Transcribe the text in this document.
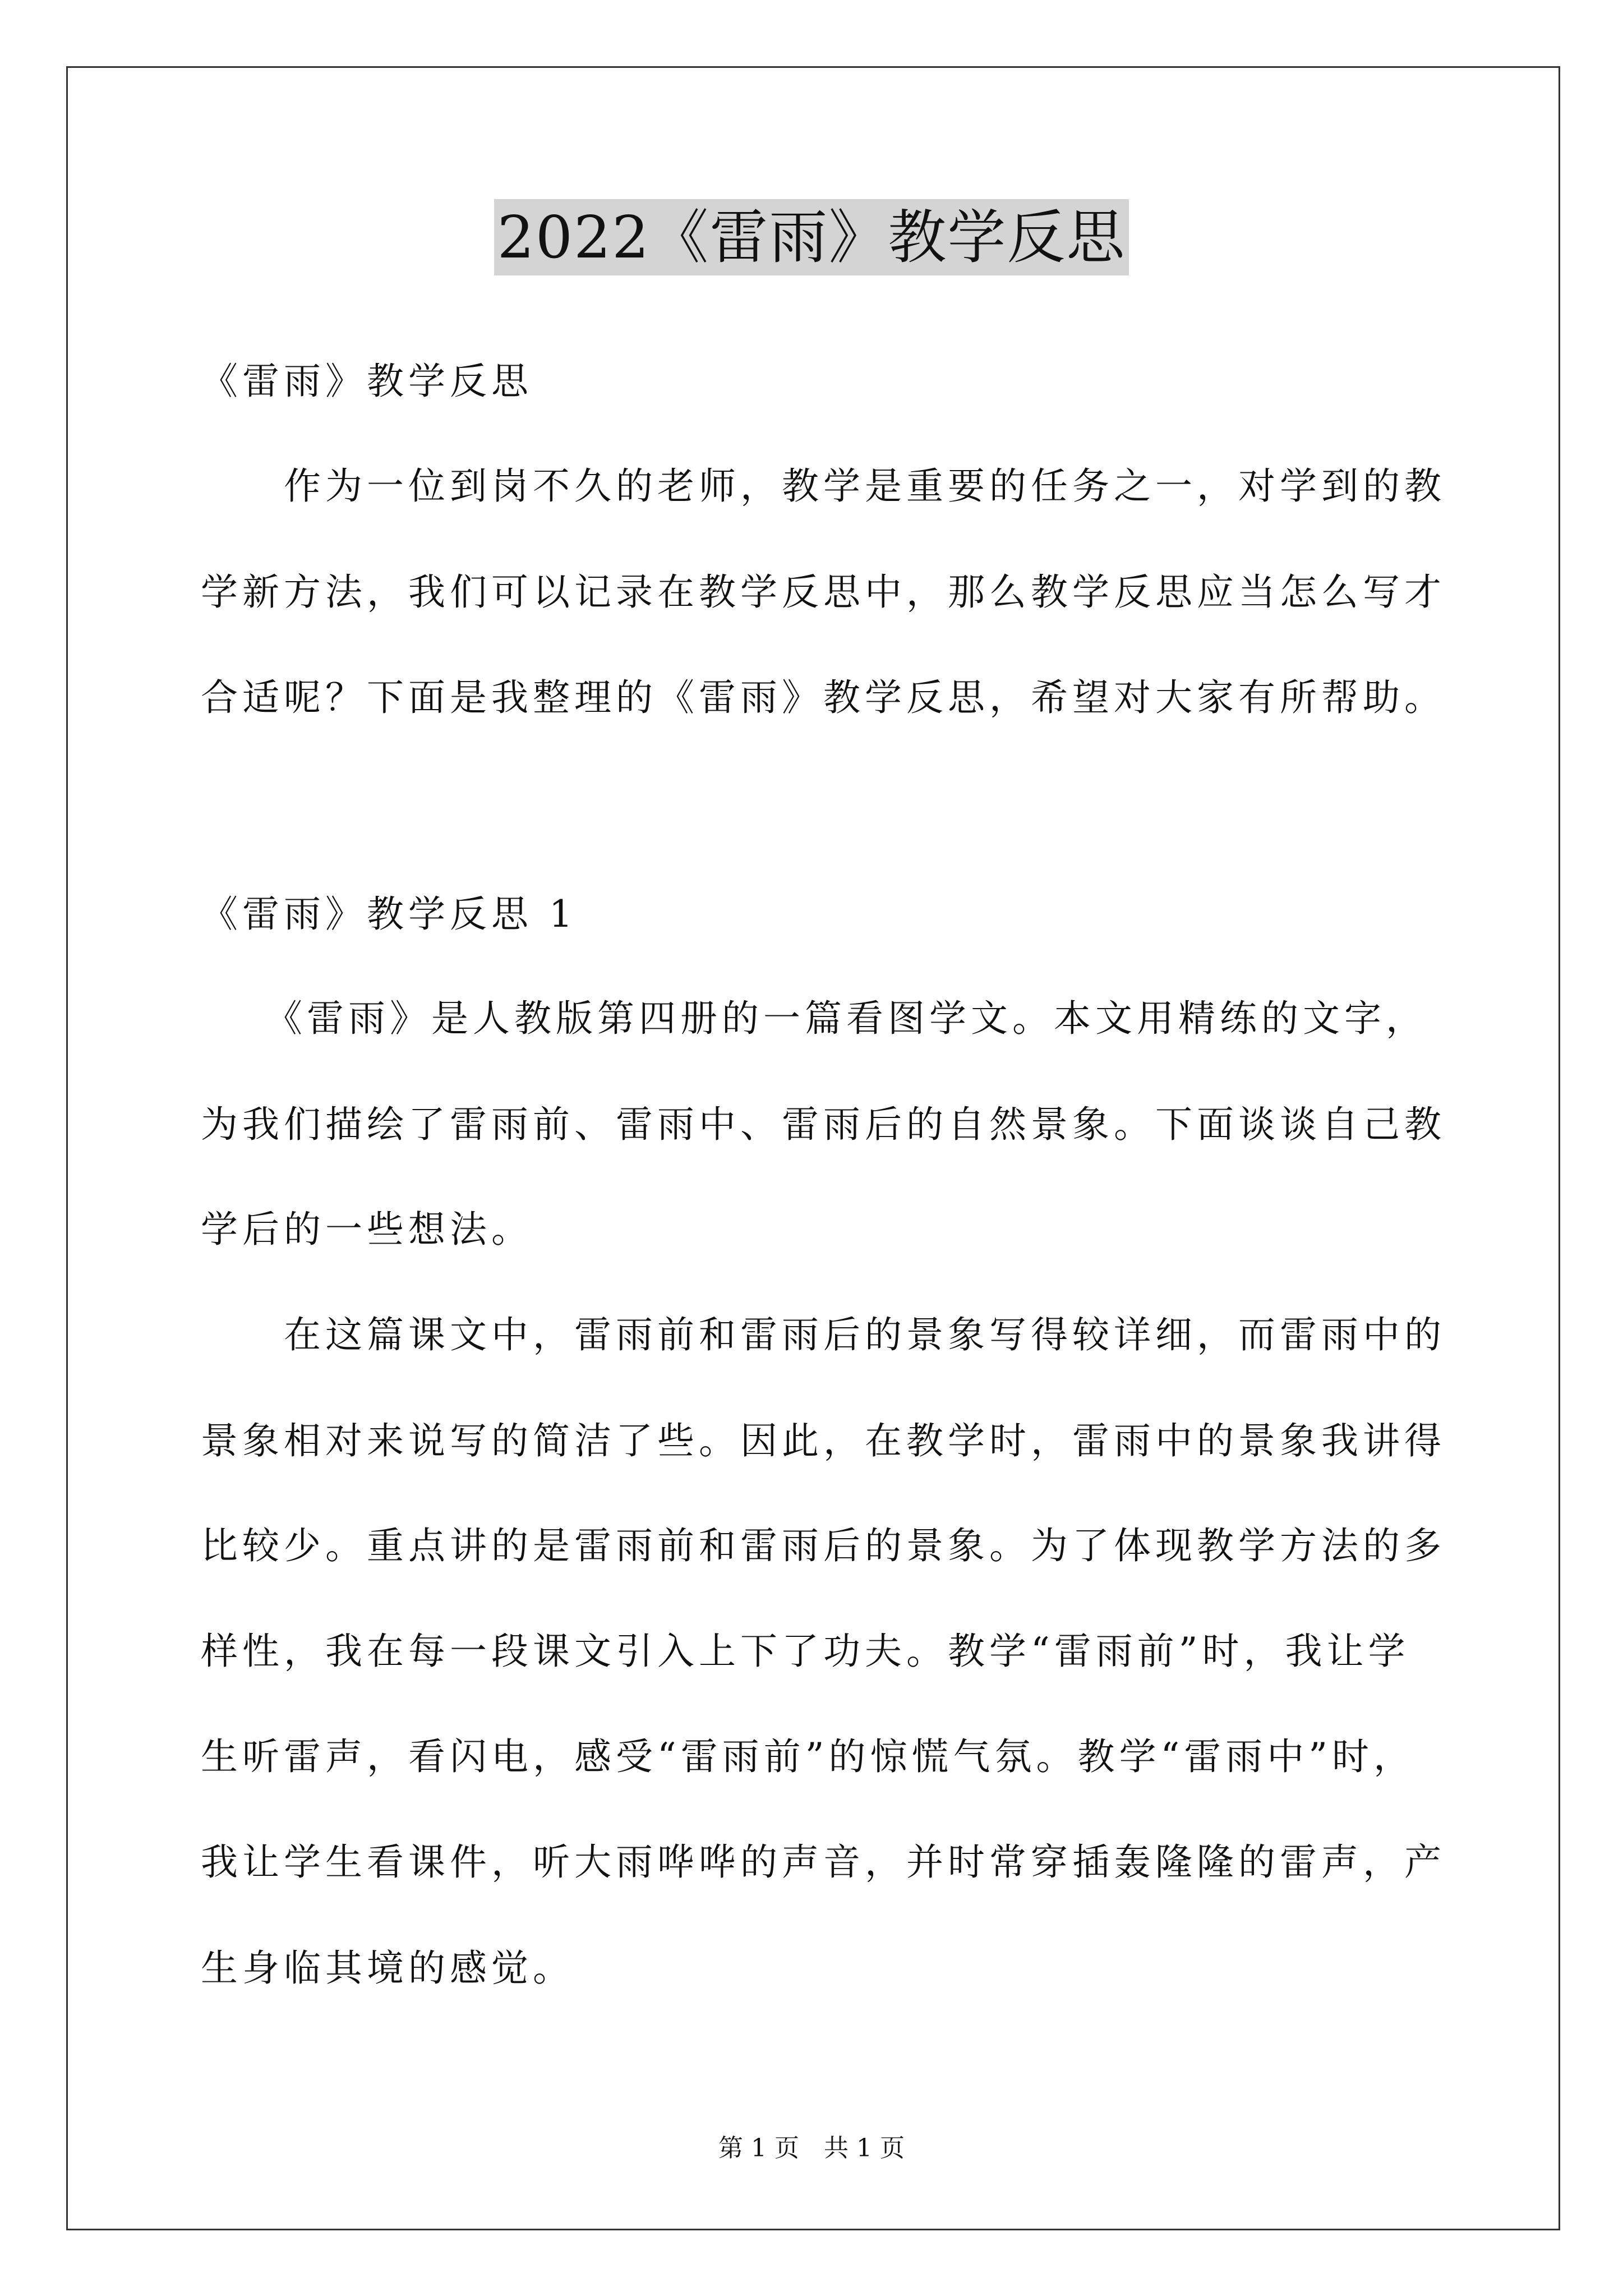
2022《雷雨》教学反思
《雷雨》教学反思
　　作为一位到岗不久的老师，教学是重要的任务之一，对学到的教
学新方法，我们可以记录在教学反思中，那么教学反思应当怎么写才
合适呢？下面是我整理的《雷雨》教学反思，希望对大家有所帮助。
《雷雨》教学反思 1
　　《雷雨》是人教版第四册的一篇看图学文。本文用精练的文字，
为我们描绘了雷雨前、雷雨中、雷雨后的自然景象。下面谈谈自己教
学后的一些想法。
　　在这篇课文中，雷雨前和雷雨后的景象写得较详细，而雷雨中的
景象相对来说写的简洁了些。因此，在教学时，雷雨中的景象我讲得
比较少。重点讲的是雷雨前和雷雨后的景象。为了体现教学方法的多
样性，我在每一段课文引入上下了功夫。教学“雷雨前”时，我让学
生听雷声，看闪电，感受“雷雨前”的惊慌气氛。教学“雷雨中”时，
我让学生看课件，听大雨哗哗的声音，并时常穿插轰隆隆的雷声，产
生身临其境的感觉。
第 1 页　共 1 页
